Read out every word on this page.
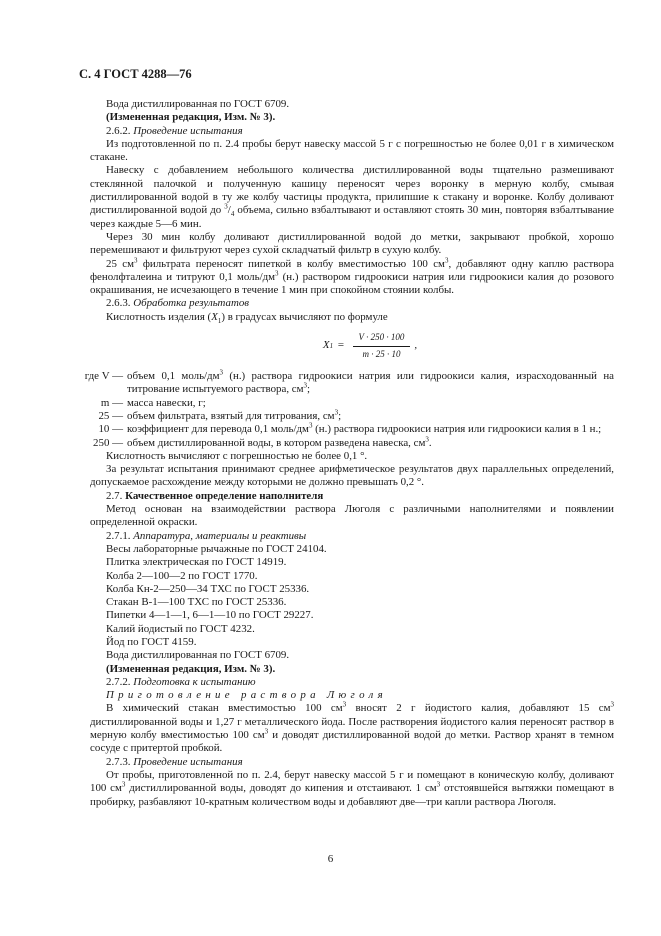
С. 4 ГОСТ 4288—76

Вода дистиллированная по ГОСТ 6709.

(Измененная редакция, Изм. № 3).

2.6.2. Проведение испытания

Из подготовленной по п. 2.4 пробы берут навеску массой 5 г с погрешностью не более 0,01 г в химическом стакане.

Навеску с добавлением небольшого количества дистиллированной воды тщательно размешивают стеклянной палочкой и полученную кашицу переносят через воронку в мерную колбу, смывая дистиллированной водой в ту же колбу частицы продукта, прилипшие к стакану и воронке. Колбу доливают дистиллированной водой до $^3/_4$ объема, сильно взбалтывают и оставляют стоять 30 мин, повторяя взбалтывание через каждые 5—6 мин.

Через 30 мин колбу доливают дистиллированной водой до метки, закрывают пробкой, хорошо перемешивают и фильтруют через сухой складчатый фильтр в сухую колбу.

25 $см^3$ фильтрата переносят пипеткой в колбу вместимостью 100 $см^3$, добавляют одну каплю раствора фенолфталеина и титруют 0,1 моль/$дм^3$ (н.) раствором гидроокиси натрия или гидроокиси калия до розового окрашивания, не исчезающего в течение 1 мин при спокойном стоянии колбы.

2.6.3. Обработка результатов

Кислотность изделия $(X_1)$ в градусах вычисляют по формуле

X $1 = \frac{V \cdot 250 \cdot 100}{m \cdot 25 \cdot 10}$ ,
где V — объем 0,1 моль/$дм^3$ (н.) раствора гидроокиси натрия или гидроокиси калия, израсходованный на титрование испытуемого раствора, $см^3$;
m — масса навески, г;
25 — объем фильтрата, взятый для титрования, $см^3$;
10 — коэффициент для перевода 0,1 моль/$дм^3$ (н.) раствора гидроокиси натрия или гидроокиси калия в 1 н.;
250 — объем дистиллированной воды, в котором разведена навеска, $см^3$.

Кислотность вычисляют с погрешностью не более 0,1 °.

За результат испытания принимают среднее арифметическое результатов двух параллельных определений, допускаемое расхождение между которыми не должно превышать 0,2 °.

2.7. Качественное определение наполнителя

Метод основан на взаимодействии раствора Люголя с различными наполнителями и появлении определенной окраски.

2.7.1. Аппаратура, материалы и реактивы

Весы лабораторные рычажные по ГОСТ 24104.

Плитка электрическая по ГОСТ 14919.

Колба 2—100—2 по ГОСТ 1770.

Колба Кн-2—250—34 ТХС по ГОСТ 25336.

Стакан В-1—100 ТХС по ГОСТ 25336.

Пипетки 4—1—1, 6—1—10 по ГОСТ 29227.

Калий йодистый по ГОСТ 4232.

Йод по ГОСТ 4159.

Вода дистиллированная по ГОСТ 6709.

(Измененная редакция, Изм. № 3).

2.7.2. Подготовка к испытанию

Приготовление раствора Люголя

В химический стакан вместимостью 100 $см^3$ вносят 2 г йодистого калия, добавляют 15 $см^3$ дистиллированной воды и 1,27 г металлического йода. После растворения йодистого калия переносят раствор в мерную колбу вместимостью 100 $см^3$ и доводят дистиллированной водой до метки. Раствор хранят в темном сосуде с притертой пробкой.

2.7.3. Проведение испытания

От пробы, приготовленной по п. 2.4, берут навеску массой 5 г и помещают в коническую колбу, доливают 100 $см^3$ дистиллированной воды, доводят до кипения и отстаивают. 1 $см^3$ отстоявшейся вытяжки помещают в пробирку, разбавляют 10-кратным количеством воды и добавляют две—три капли раствора Люголя.

6
